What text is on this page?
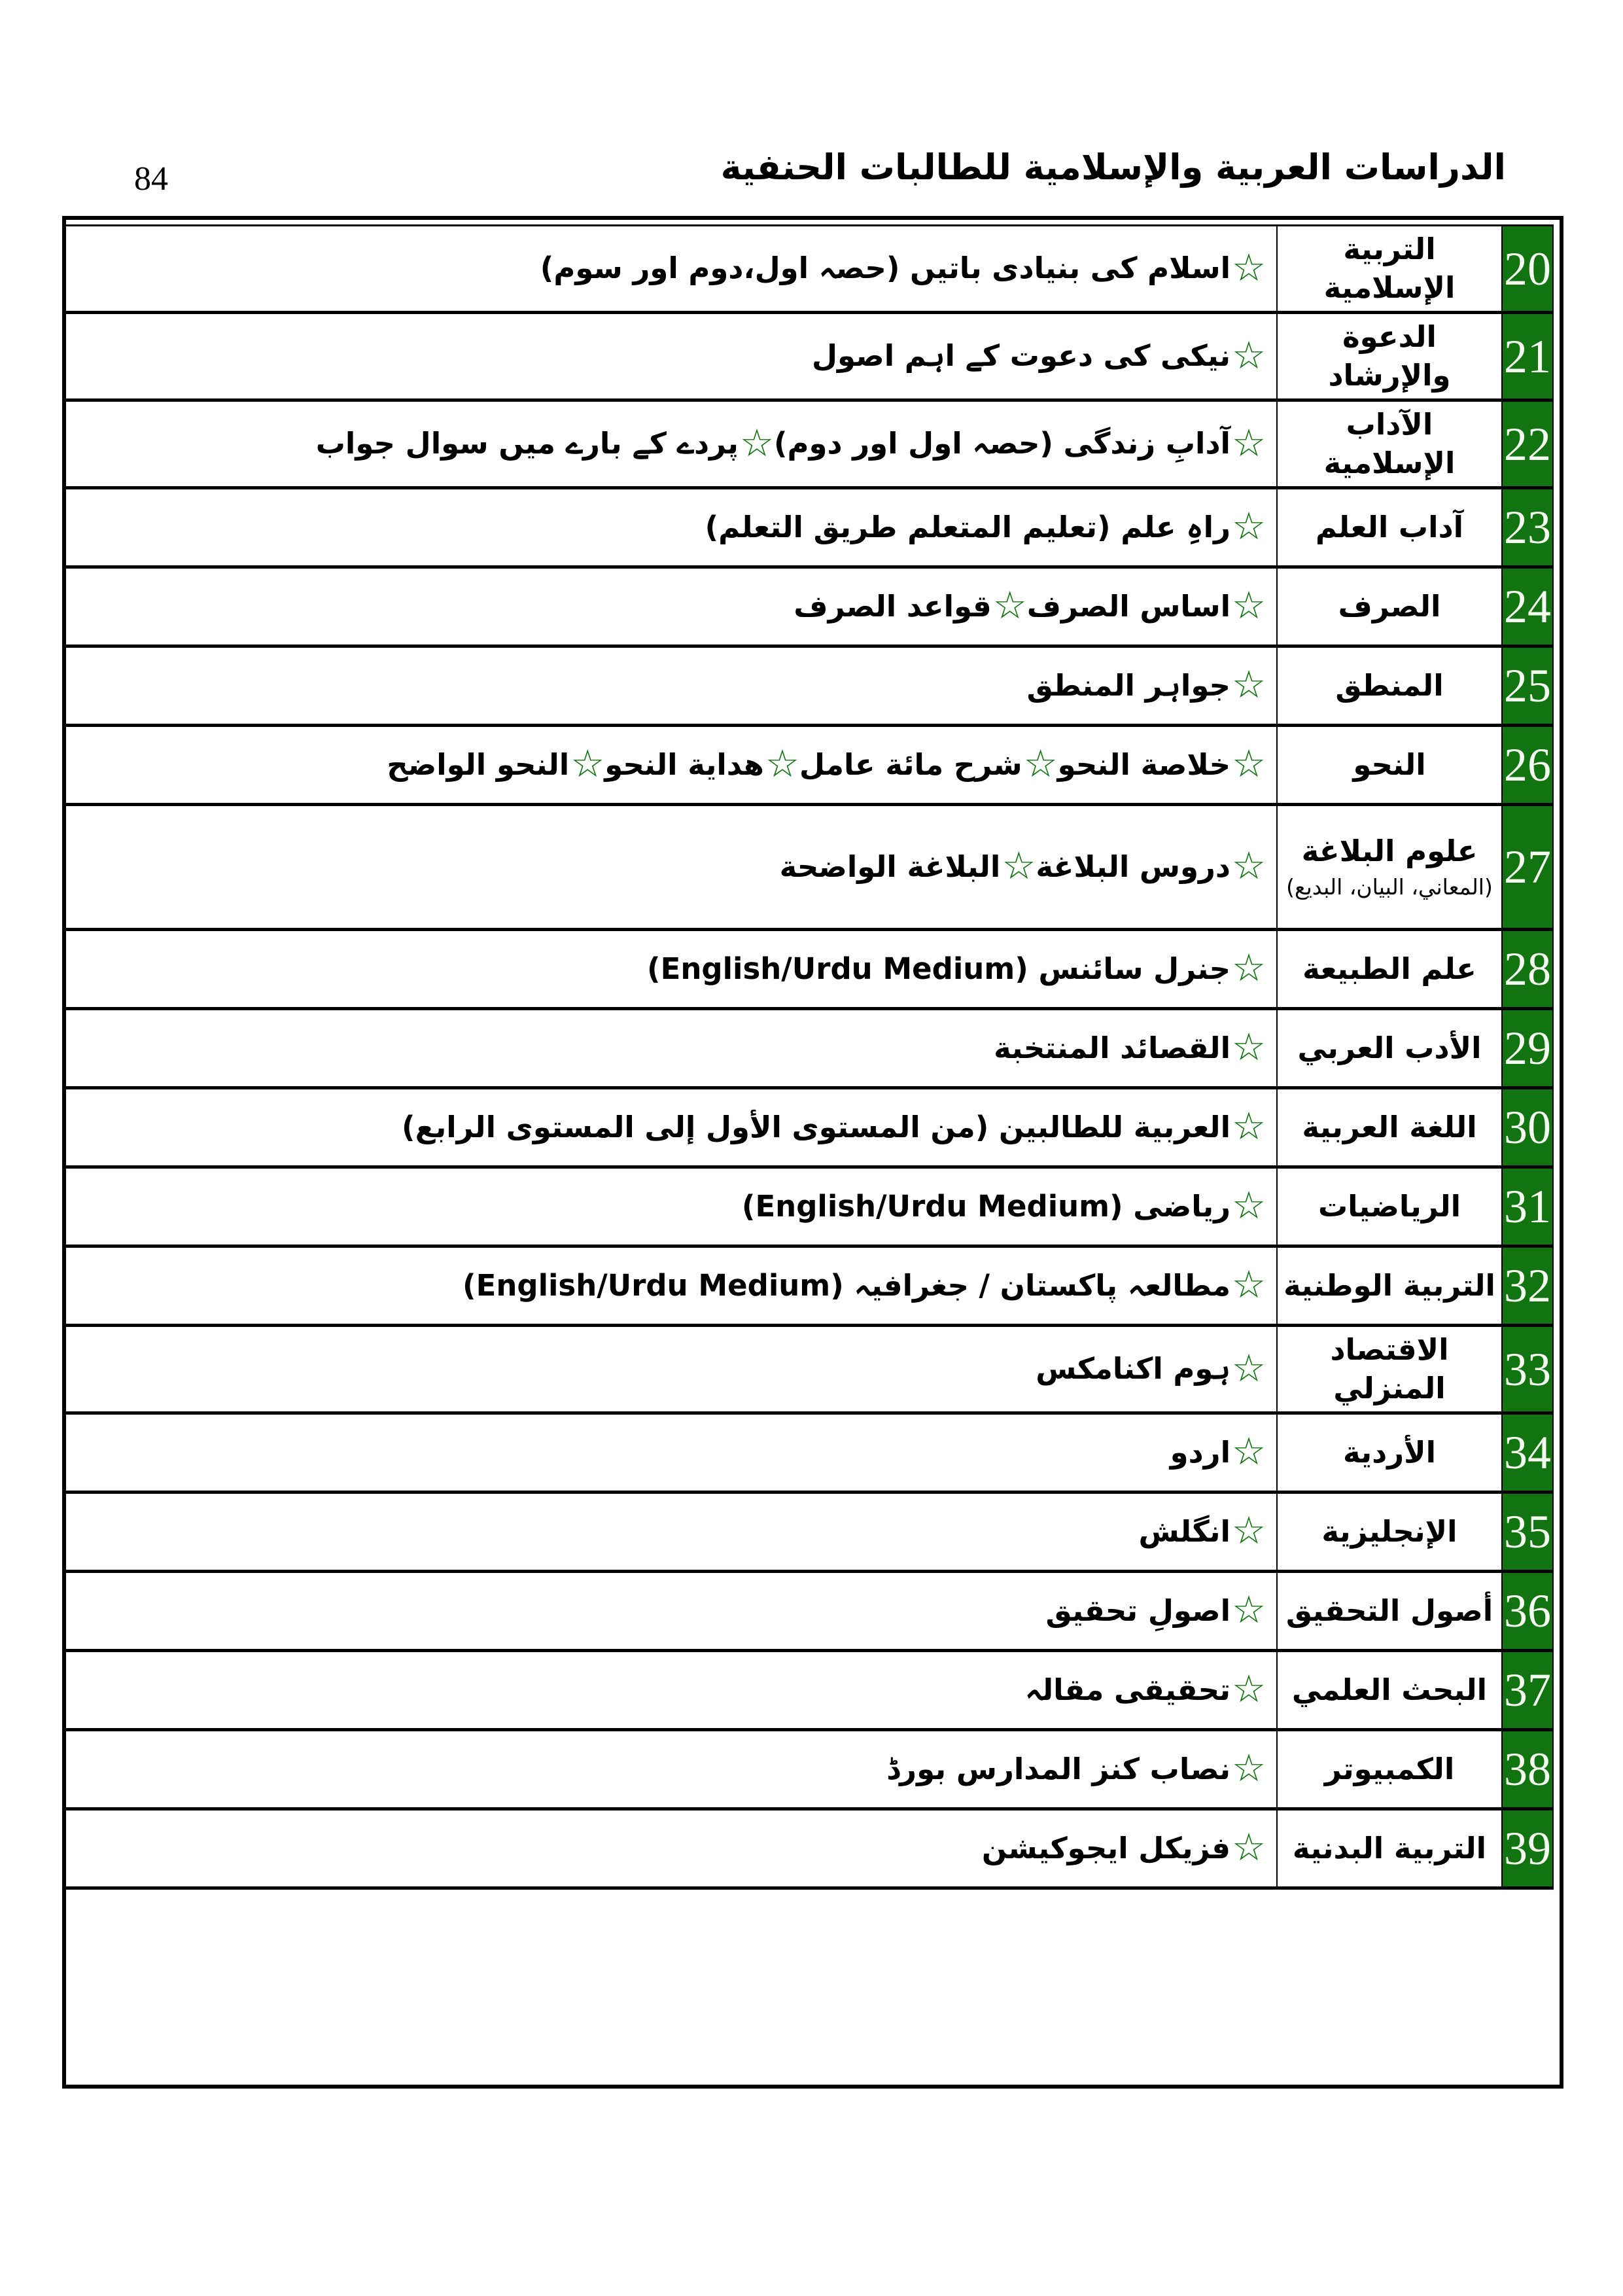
84	الدراسات العربية والإسلامية للطالبات الحنفية
20
التربية الإسلامية
☆
اسلام کی بنیادی باتیں (حصہ اول،دوم اور سوم)
21
الدعوة والإرشاد
☆
نیکی کی دعوت کے اہم اصول
22
الآداب الإسلامية
☆
آدابِ زندگی (حصہ اول اور دوم)
☆
پردے کے بارے میں سوال جواب
23
آداب العلم
☆
راہِ علم (تعلیم المتعلم طریق التعلم)
24
الصرف
☆
اساس الصرف
☆
قواعد الصرف
25
المنطق
☆
جواہر المنطق
26
النحو
☆
خلاصة النحو
☆
شرح مائة عامل
☆
هداية النحو
☆
النحو الواضح
27
علوم البلاغة
(المعاني، البيان، البديع)
☆
دروس البلاغة
☆
البلاغة الواضحة
28
علم الطبيعة
☆
جنرل سائنس (English/Urdu Medium)
29
الأدب العربي
☆
القصائد المنتخبة
30
اللغة العربية
☆
العربية للطالبين (من المستوى الأول إلى المستوى الرابع)
31
الرياضيات
☆
ریاضی (English/Urdu Medium)
32
التربية الوطنية
☆
مطالعہ پاکستان / جغرافیہ (English/Urdu Medium)
33
الاقتصاد المنزلي
☆
ہوم اکنامکس
34
الأردية
☆
اردو
35
الإنجليزية
☆
انگلش
36
أصول التحقيق
☆
اصولِ تحقیق
37
البحث العلمي
☆
تحقیقی مقالہ
38
الكمبيوتر
☆
نصاب کنز المدارس بورڈ
39
التربية البدنية
☆
فزیکل ایجوکیشن
